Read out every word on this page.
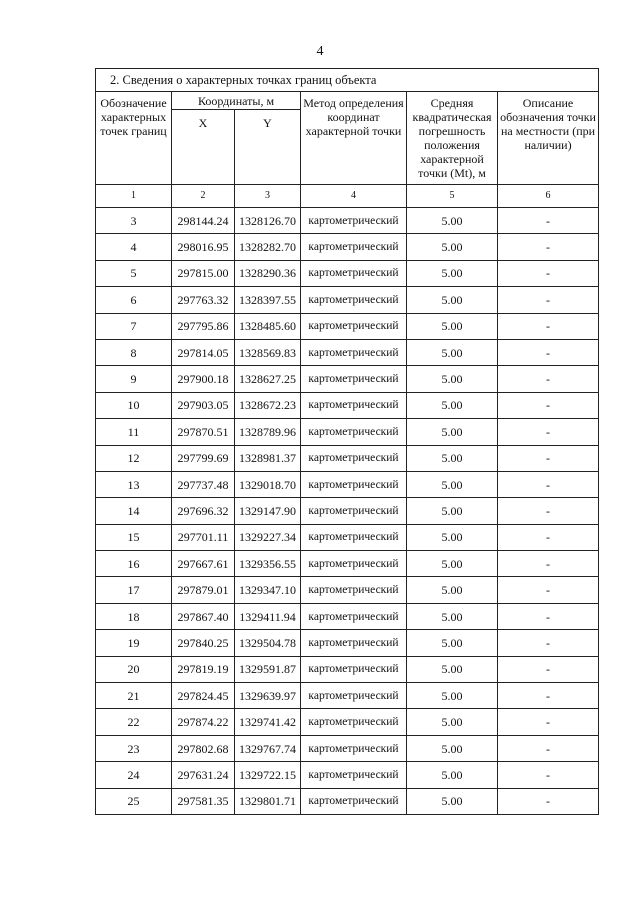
4
2. Сведения о характерных точках границ объекта					
Обозначение характерных точек границ	Координаты, м		Метод определения координат характерной точки	Средняя квадратическая погрешность положения характерной точки (Mt), м	Описание обозначения точки на местности (при наличии)
	X	Y			
1	2	3	4	5	6
3	298144.24	1328126.70	картометрический	5.00	-
4	298016.95	1328282.70	картометрический	5.00	-
5	297815.00	1328290.36	картометрический	5.00	-
6	297763.32	1328397.55	картометрический	5.00	-
7	297795.86	1328485.60	картометрический	5.00	-
8	297814.05	1328569.83	картометрический	5.00	-
9	297900.18	1328627.25	картометрический	5.00	-
10	297903.05	1328672.23	картометрический	5.00	-
11	297870.51	1328789.96	картометрический	5.00	-
12	297799.69	1328981.37	картометрический	5.00	-
13	297737.48	1329018.70	картометрический	5.00	-
14	297696.32	1329147.90	картометрический	5.00	-
15	297701.11	1329227.34	картометрический	5.00	-
16	297667.61	1329356.55	картометрический	5.00	-
17	297879.01	1329347.10	картометрический	5.00	-
18	297867.40	1329411.94	картометрический	5.00	-
19	297840.25	1329504.78	картометрический	5.00	-
20	297819.19	1329591.87	картометрический	5.00	-
21	297824.45	1329639.97	картометрический	5.00	-
22	297874.22	1329741.42	картометрический	5.00	-
23	297802.68	1329767.74	картометрический	5.00	-
24	297631.24	1329722.15	картометрический	5.00	-
25	297581.35	1329801.71	картометрический	5.00	-
